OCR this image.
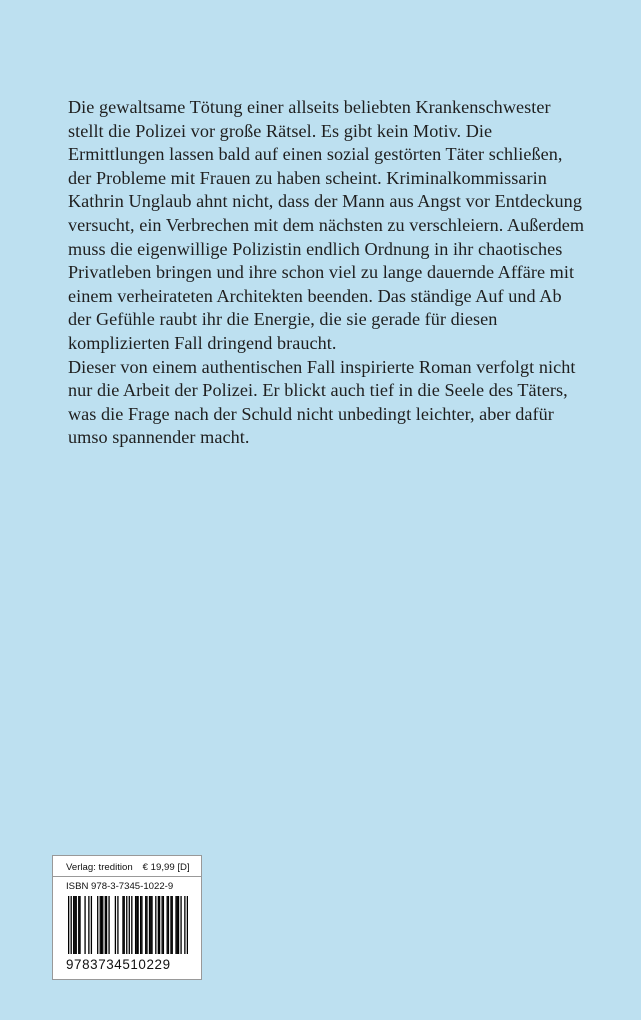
Die gewaltsame Tötung einer allseits beliebten Krankenschwester stellt die Polizei vor große Rätsel. Es gibt kein Motiv. Die Ermittlungen lassen bald auf einen sozial gestörten Täter schließen, der Probleme mit Frauen zu haben scheint. Kriminalkommissarin Kathrin Unglaub ahnt nicht, dass der Mann aus Angst vor Entdeckung versucht, ein Verbrechen mit dem nächsten zu verschleiern. Außerdem muss die eigenwillige Polizistin endlich Ordnung in ihr chaotisches Privatleben bringen und ihre schon viel zu lange dauernde Affäre mit einem verheirateten Architekten beenden. Das ständige Auf und Ab der Gefühle raubt ihr die Energie, die sie gerade für diesen komplizierten Fall dringend braucht.

Dieser von einem authentischen Fall inspirierte Roman verfolgt nicht nur die Arbeit der Polizei. Er blickt auch tief in die Seele des Täters, was die Frage nach der Schuld nicht unbedingt leichter, aber dafür umso spannender macht.

Verlag: tredition € 19,99 [D]
ISBN 978-3-7345-1022-9
9783734510229
